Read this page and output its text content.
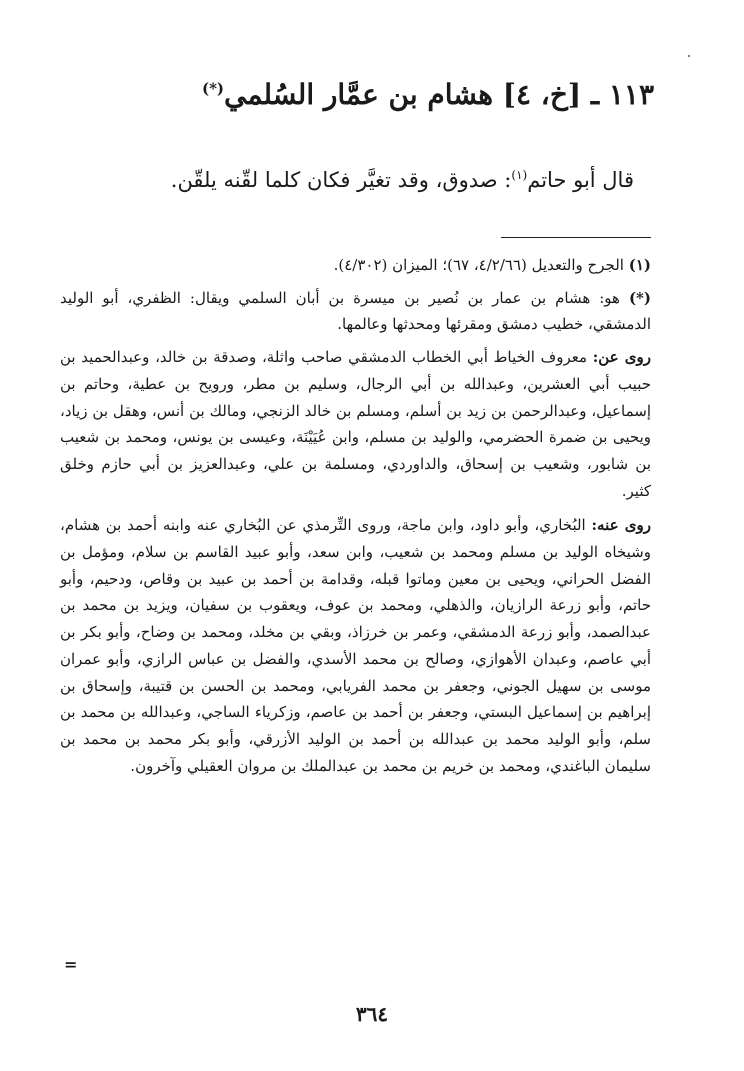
١١٣ ـ [خ، ٤] هشام بن عمَّار السُلمي(*)
قال أبو حاتم$^{(١)}$: صدوق، وقد تغيَّر فكان كلما لقّنه يلقّن.

(١) الجرح والتعديل (٤/٢/٦٦، ٦٧)؛ الميزان (٤/٣٠٢).

(*) هو: هشام بن عمار بن نُصير بن ميسرة بن أبان السلمي ويقال: الظفري، أبو الوليد الدمشقي، خطيب دمشق ومقرئها ومحدثها وعالمها.

روى عن: معروف الخياط أبي الخطاب الدمشقي صاحب واثلة، وصدقة بن خالد، وعبدالحميد بن حبيب أبي العشرين، وعبدالله بن أبي الرجال، وسليم بن مطر، ورويح بن عطية، وحاتم بن إسماعيل، وعبدالرحمن بن زيد بن أسلم، ومسلم بن خالد الزنجي، ومالك بن أنس، وهقل بن زياد، ويحيى بن ضمرة الحضرمي، والوليد بن مسلم، وابن عُيَيْنَة، وعيسى بن يونس، ومحمد بن شعيب بن شابور، وشعيب بن إسحاق، والداوردي، ومسلمة بن علي، وعبدالعزيز بن أبي حازم وخلق كثير.

روى عنه: البُخاري، وأبو داود، وابن ماجة، وروى التِّرمذي عن البُخاري عنه وابنه أحمد بن هشام، وشيخاه الوليد بن مسلم ومحمد بن شعيب، وابن سعد، وأبو عبيد القاسم بن سلام، ومؤمل بن الفضل الحراني، ويحيى بن معين وماتوا قبله، وقدامة بن أحمد بن عبيد بن وقاص، ودحيم، وأبو حاتم، وأبو زرعة الرازيان، والذهلي، ومحمد بن عوف، ويعقوب بن سفيان، ويزيد بن محمد بن عبدالصمد، وأبو زرعة الدمشقي، وعمر بن خرزاذ، وبقي بن مخلد، ومحمد بن وضاح، وأبو بكر بن أبي عاصم، وعبدان الأهوازي، وصالح بن محمد الأسدي، والفضل بن عباس الرازي، وأبو عمران موسى بن سهيل الجوني، وجعفر بن محمد الفريابي، ومحمد بن الحسن بن قتيبة، وإسحاق بن إبراهيم بن إسماعيل البستي، وجعفر بن أحمد بن عاصم، وزكرياء الساجي، وعبدالله بن محمد بن سلم، وأبو الوليد محمد بن عبدالله بن أحمد بن الوليد الأزرقي، وأبو بكر محمد بن محمد بن سليمان الباغندي، ومحمد بن خريم بن محمد بن عبدالملك بن مروان العقيلي وآخرون.

=
٣٦٤
